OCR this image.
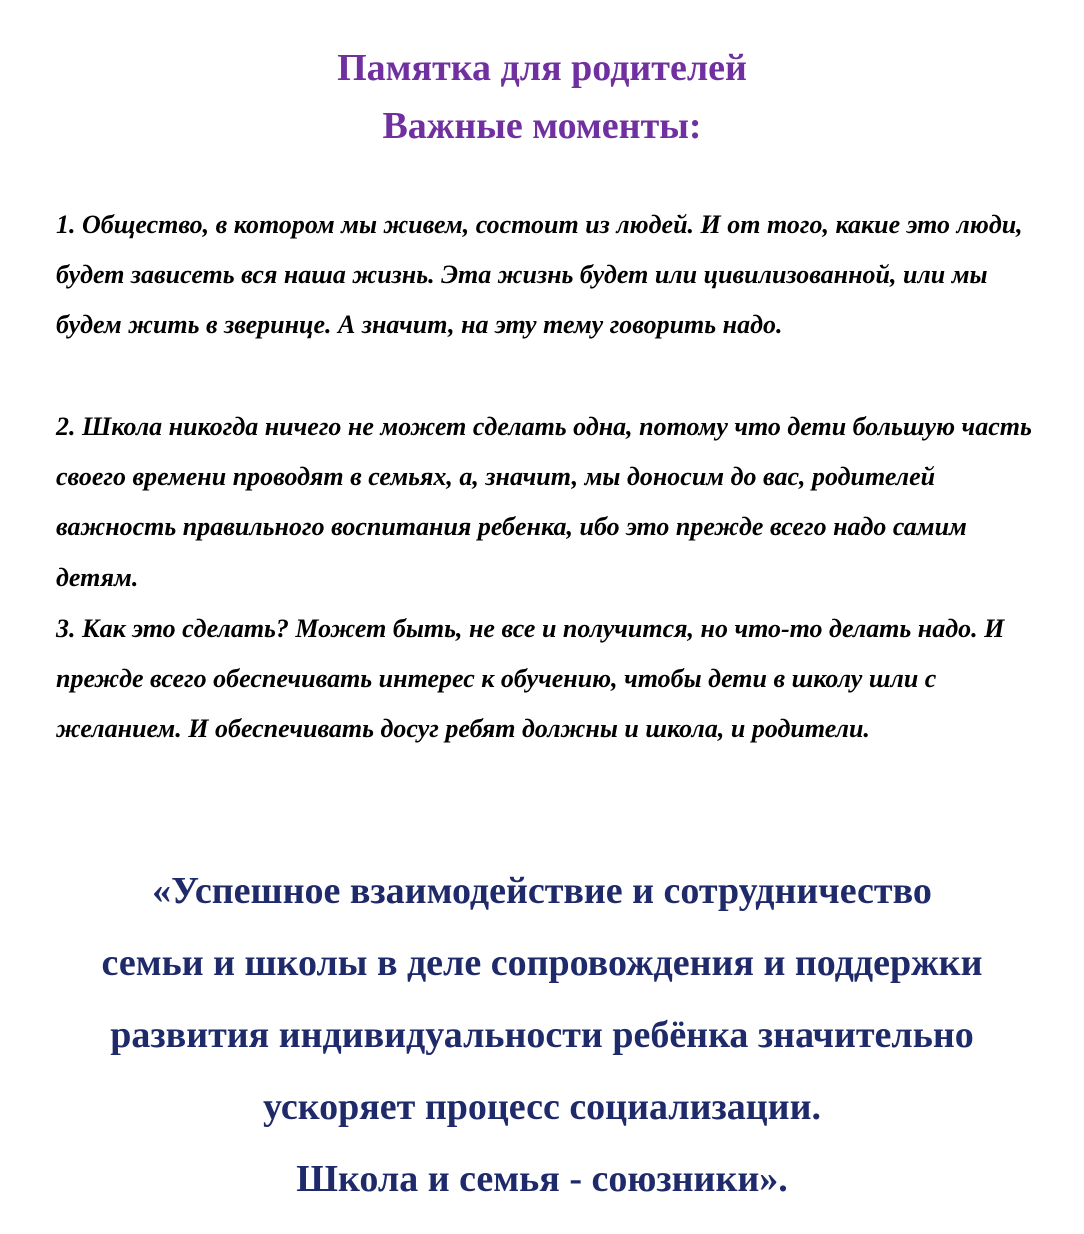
Памятка для родителей
Важные моменты:

1. Общество, в котором мы живем, состоит из людей. И от того, какие это люди, будет зависеть вся наша жизнь. Эта жизнь будет или цивилизованной, или мы будем жить в зверинце. А значит, на эту тему говорить надо.

2. Школа никогда ничего не может сделать одна, потому что дети большую часть своего времени проводят в семьях, а, значит, мы доносим до вас, родителей важность правильного воспитания ребенка, ибо это прежде всего надо самим детям.

3. Как это сделать? Может быть, не все и получится, но что-то делать надо. И прежде всего обеспечивать интерес к обучению, чтобы дети в школу шли с желанием. И обеспечивать досуг ребят должны и школа, и родители.

«Успешное взаимодействие и сотрудничество
семьи и школы в деле сопровождения и поддержки
развития индивидуальности ребёнка значительно
ускоряет процесс социализации.
Школа и семья - союзники».
